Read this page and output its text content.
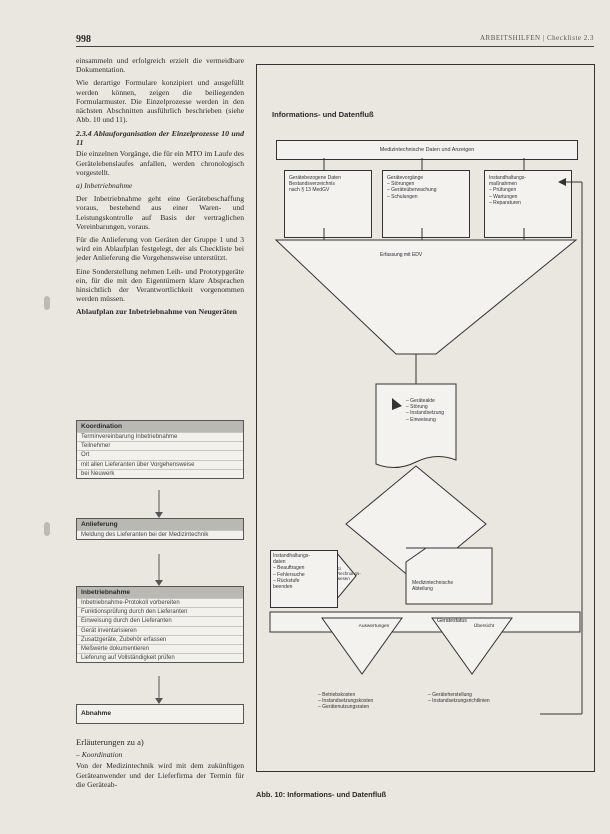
998	ARBEITSHILFEN | Checkliste 2.3

einsammeln und erfolgreich erzielt die vermeidbare Dokumentation.

Wie derartige Formulare konzipiert und ausgefüllt werden können, zeigen die beiliegenden Formularmuster. Die Einzelprozesse werden in den nächsten Abschnitten ausführlich beschrieben (siehe Abb. 10 und 11).

2.3.4 Ablauforganisation der Einzelprozesse 10 und 11

Die einzelnen Vorgänge, die für ein MTO im Laufe des Gerätelebenslaufes anfallen, werden chronologisch vorgestellt.

a) Inbetriebnahme

Der Inbetriebnahme geht eine Gerätebeschaffung voraus, bestehend aus einer Waren- und Leistungskontrolle auf Basis der vertraglichen Vereinbarungen, voraus.

Für die Anlieferung von Geräten der Gruppe 1 und 3 wird ein Ablaufplan festgelegt, der als Checkliste bei jeder Anlieferung die Vorgehensweise unterstützt.

Eine Sonderstellung nehmen Leih- und Prototypgeräte ein, für die mit den Eigentümern klare Absprachen hinsichtlich der Verantwortlichkeit vorgenommen werden müssen.

Ablaufplan zur Inbetriebnahme von Neugeräten
Koordination
Terminvereinbarung Inbetriebnahme
Teilnehmer
Ort
mit allen Lieferanten über Vorgehensweise
bei Neuwerk
Anlieferung
Meldung des Lieferanten bei der Medizintechnik
Inbetriebnahme
Inbetriebnahme-Protokoll vorbereiten
Funktionsprüfung durch den Lieferanten
Einweisung durch den Lieferanten
Gerät inventarisieren
Zusatzgeräte, Zubehör erfassen
Meßwerte dokumentieren
Lieferung auf Vollständigkeit prüfen
Abnahme

Erläuterungen zu a)

– Koordination

Von der Medizintechnik wird mit dem zukünftigen Geräteanwender und der Lieferfirma der Termin für die Geräteab-

Informations- und Datenfluß
Medizintechnische Daten und Anzeigen
Gerätebezogene Daten
Bestandsverzeichnis
nach § 13 MedGV
Gerätevorgänge
– Störungen
– Geräteüberwachung
– Schulungen
Instandhaltungs-
maßnahmen
– Prüfungen
– Wartungen
– Reparaturen
Erfassung mit EDV
– Geräteakte
– Störung
– Instandsetzung
– Einweisung
Instandhaltungs-
daten
– Beauftragen
– Fehlersuche
– Rückstufe
beenden
Ei
Rechnungs-
wesen
Medizintechnische
Abteilung
Gerätestatus
Auswertungen	Übersicht
– Betriebskosten
– Instandsetzungskosten
– Gerätenutzungsraten
– Geräteherstellung
– Instandsetzungsrichtlinien
Abb. 10: Informations- und Datenfluß
